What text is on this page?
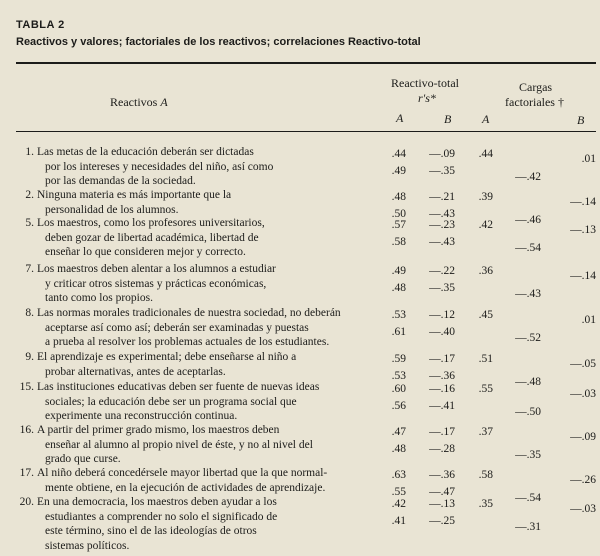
TABLA 2
Reactivos y valores; factoriales de los reactivos; correlaciones Reactivo-total
Reactivos A
Reactivo-total
r's*
Cargas
factoriales †
A	B	A	B
1. Las metas de la educación deberán ser dictadas
por los intereses y necesidades del niño, así como
por las demandas de la sociedad.
.44 —.09 .44	.01
.49 —.35	—.42
2. Ninguna materia es más importante que la
personalidad de los alumnos.
.48 —.21 .39	—.14
.50 —.43	—.46
5. Los maestros, como los profesores universitarios,
deben gozar de libertad académica, libertad de
enseñar lo que consideren mejor y correcto.
.57 —.23 .42	—.13
.58 —.43	—.54
7. Los maestros deben alentar a los alumnos a estudiar
y criticar otros sistemas y prácticas económicas,
tanto como los propios.
.49 —.22 .36	—.14
.48 —.35	—.43
8. Las normas morales tradicionales de nuestra sociedad, no deberán
aceptarse así como así; deberán ser examinadas y puestas
a prueba al resolver los problemas actuales de los estudiantes.
.53 —.12 .45	.01
.61 —.40	—.52
9. El aprendizaje es experimental; debe enseñarse al niño a
probar alternativas, antes de aceptarlas.
.59 —.17 .51	—.05
.53 —.36	—.48
15. Las instituciones educativas deben ser fuente de nuevas ideas
sociales; la educación debe ser un programa social que
experimente una reconstrucción continua.
.60 —.16 .55	—.03
.56 —.41	—.50
16. A partir del primer grado mismo, los maestros deben
enseñar al alumno al propio nivel de éste, y no al nivel del
grado que curse.
.47 —.17 .37	—.09
.48 —.28	—.35
17. Al niño deberá concedérsele mayor libertad que la que normal-
mente obtiene, en la ejecución de actividades de aprendizaje.
.63 —.36 .58	—.26
.55 —.47	—.54
20. En una democracia, los maestros deben ayudar a los
estudiantes a comprender no solo el significado de
este término, sino el de las ideologías de otros
sistemas políticos.
.42 —.13 .35	—.03
.41 —.25	—.31
